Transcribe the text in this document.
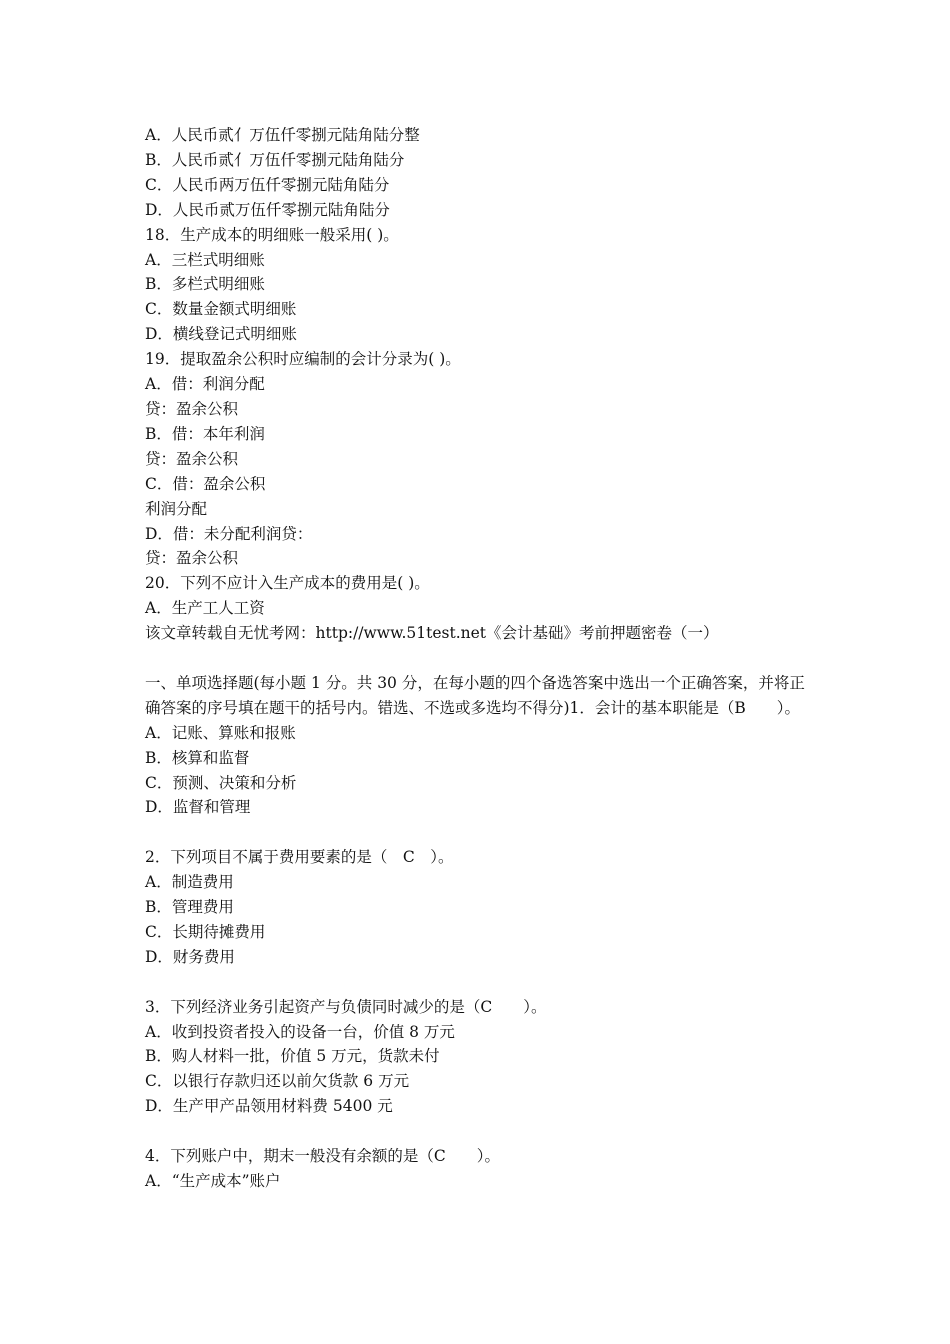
A．人民币贰亻万伍仟零捌元陆角陆分整
B．人民币贰亻万伍仟零捌元陆角陆分
C．人民币两万伍仟零捌元陆角陆分
D．人民币贰万伍仟零捌元陆角陆分
18．生产成本的明细账一般采用( )。
A．三栏式明细账
B．多栏式明细账
C．数量金额式明细账
D．横线登记式明细账
19．提取盈余公积时应编制的会计分录为( )。
A．借：利润分配
贷：盈余公积
B．借：本年利润
贷：盈余公积
C．借：盈余公积
利润分配
D．借：未分配利润贷：
贷：盈余公积
20．下列不应计入生产成本的费用是( )。
A．生产工人工资
该文章转载自无忧考网：http://www.51test.net《会计基础》考前押题密卷（一）
一、单项选择题(每小题 1 分。共 30 分，在每小题的四个备选答案中选出一个正确答案，并将正确答案的序号填在题干的括号内。错选、不选或多选均不得分)1．会计的基本职能是（B　　）。
A．记账、算账和报账
B．核算和监督
C．预测、决策和分析
D．监督和管理
2．下列项目不属于费用要素的是（　C　）。
A．制造费用
B．管理费用
C．长期待摊费用
D．财务费用
3．下列经济业务引起资产与负债同时减少的是（C　　）。
A．收到投资者投入的设备一台，价值 8 万元
B．购人材料一批，价值 5 万元，货款未付
C．以银行存款归还以前欠货款 6 万元
D．生产甲产品领用材料费 5400 元
4．下列账户中，期末一般没有余额的是（C　　）。
A．“生产成本”账户
